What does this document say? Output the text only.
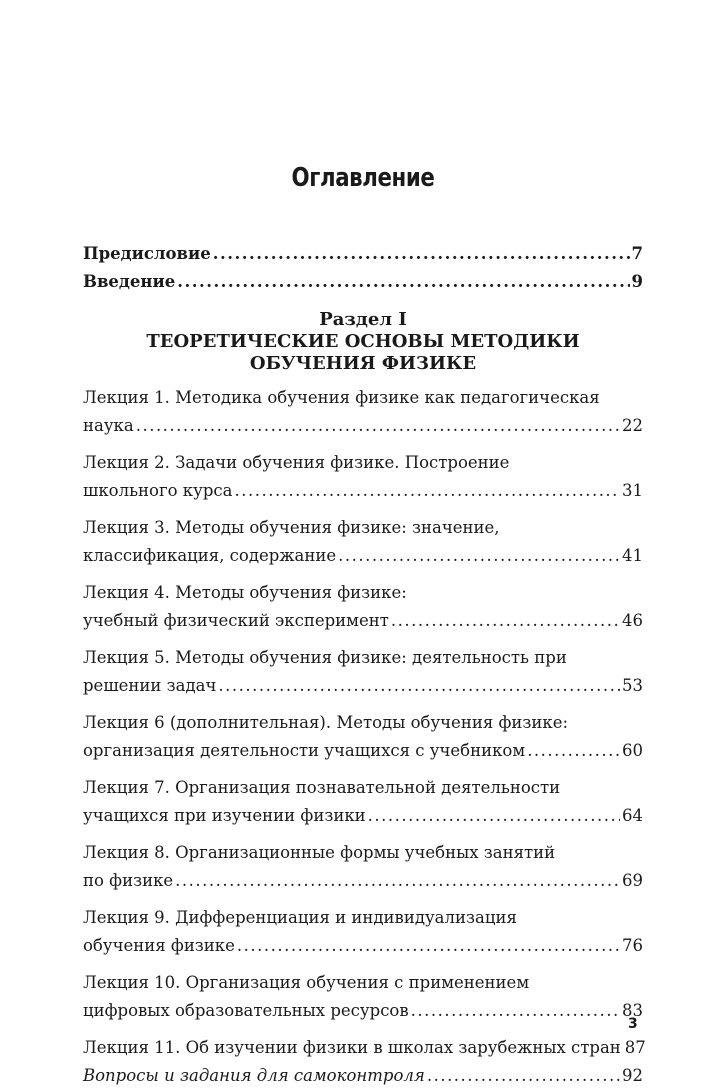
Оглавление
Предисловие .....	7
Введение .....	9
Раздел I
ТЕОРЕТИЧЕСКИЕ ОСНОВЫ МЕТОДИКИ
ОБУЧЕНИЯ ФИЗИКЕ
Лекция 1. Методика обучения физике как педагогическая
наука .....	22
Лекция 2. Задачи обучения физике. Построение
школьного курса .....	31
Лекция 3. Методы обучения физике: значение,
классификация, содержание .....	41
Лекция 4. Методы обучения физике:
учебный физический эксперимент .....	46
Лекция 5. Методы обучения физике: деятельность при
решении задач .....	53
Лекция 6 (дополнительная). Методы обучения физике:
организация деятельности учащихся с учебником .....	60
Лекция 7. Организация познавательной деятельности
учащихся при изучении физики .....	64
Лекция 8. Организационные формы учебных занятий
по физике .....	69
Лекция 9. Дифференциация и индивидуализация
обучения физике .....	76
Лекция 10. Организация обучения с применением
цифровых образовательных ресурсов .....	83
Лекция 11. Об изучении физики в школах зарубежных стран 87
Вопросы и задания для самоконтроля .....	92
3
